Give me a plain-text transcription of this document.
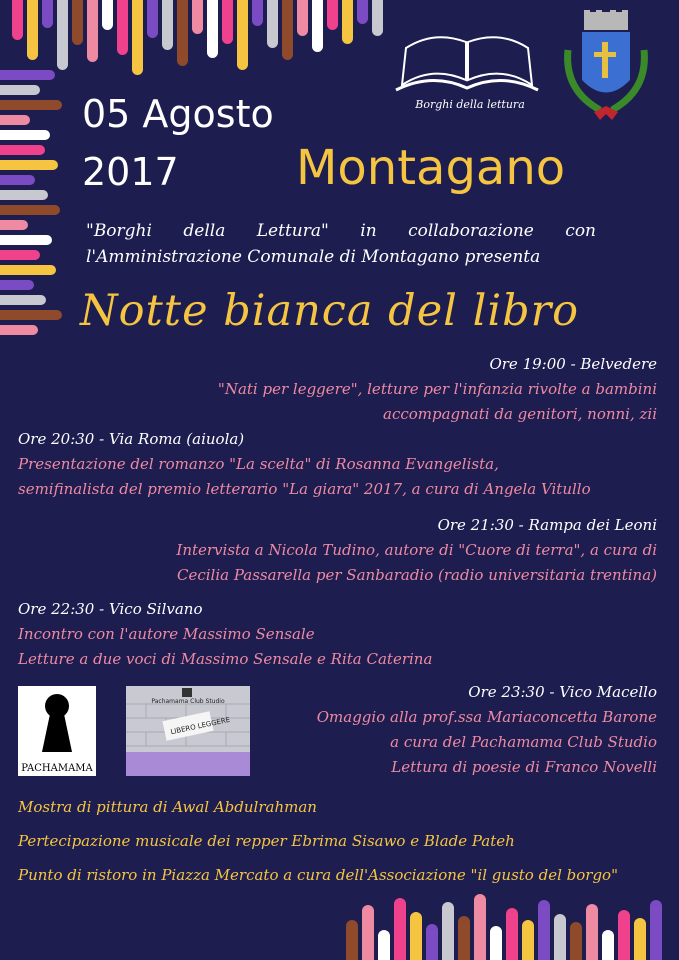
Borghi della lettura
05 Agosto
2017 Montagano
"Borghi della Lettura" in collaborazione con l'Amministrazione Comunale di Montagano presenta
Notte bianca del libro
Ore 19:00 - Belvedere
"Nati per leggere", letture per l'infanzia rivolte a bambini
accompagnati da genitori, nonni, zii
Ore 20:30 - Via Roma (aiuola)
Presentazione del romanzo "La scelta" di Rosanna Evangelista,
semifinalista del premio letterario "La giara" 2017, a cura di Angela Vitullo
Ore 21:30 - Rampa dei Leoni
Intervista a Nicola Tudino, autore di "Cuore di terra", a cura di
Cecilia Passarella per Sanbaradio (radio universitaria trentina)
Ore 22:30 - Vico Silvano
Incontro con l'autore Massimo Sensale
Letture a due voci di Massimo Sensale e Rita Caterina
PACHAMAMA
Pachamama Club Studio
LIBERO LEGGERE
Ore 23:30 - Vico Macello
Omaggio alla prof.ssa Mariaconcetta Barone
a cura del Pachamama Club Studio
Lettura di poesie di Franco Novelli
Mostra di pittura di Awal Abdulrahman
Pertecipazione musicale dei repper Ebrima Sisawo e Blade Pateh
Punto di ristoro in Piazza Mercato a cura dell'Associazione "il gusto del borgo"
